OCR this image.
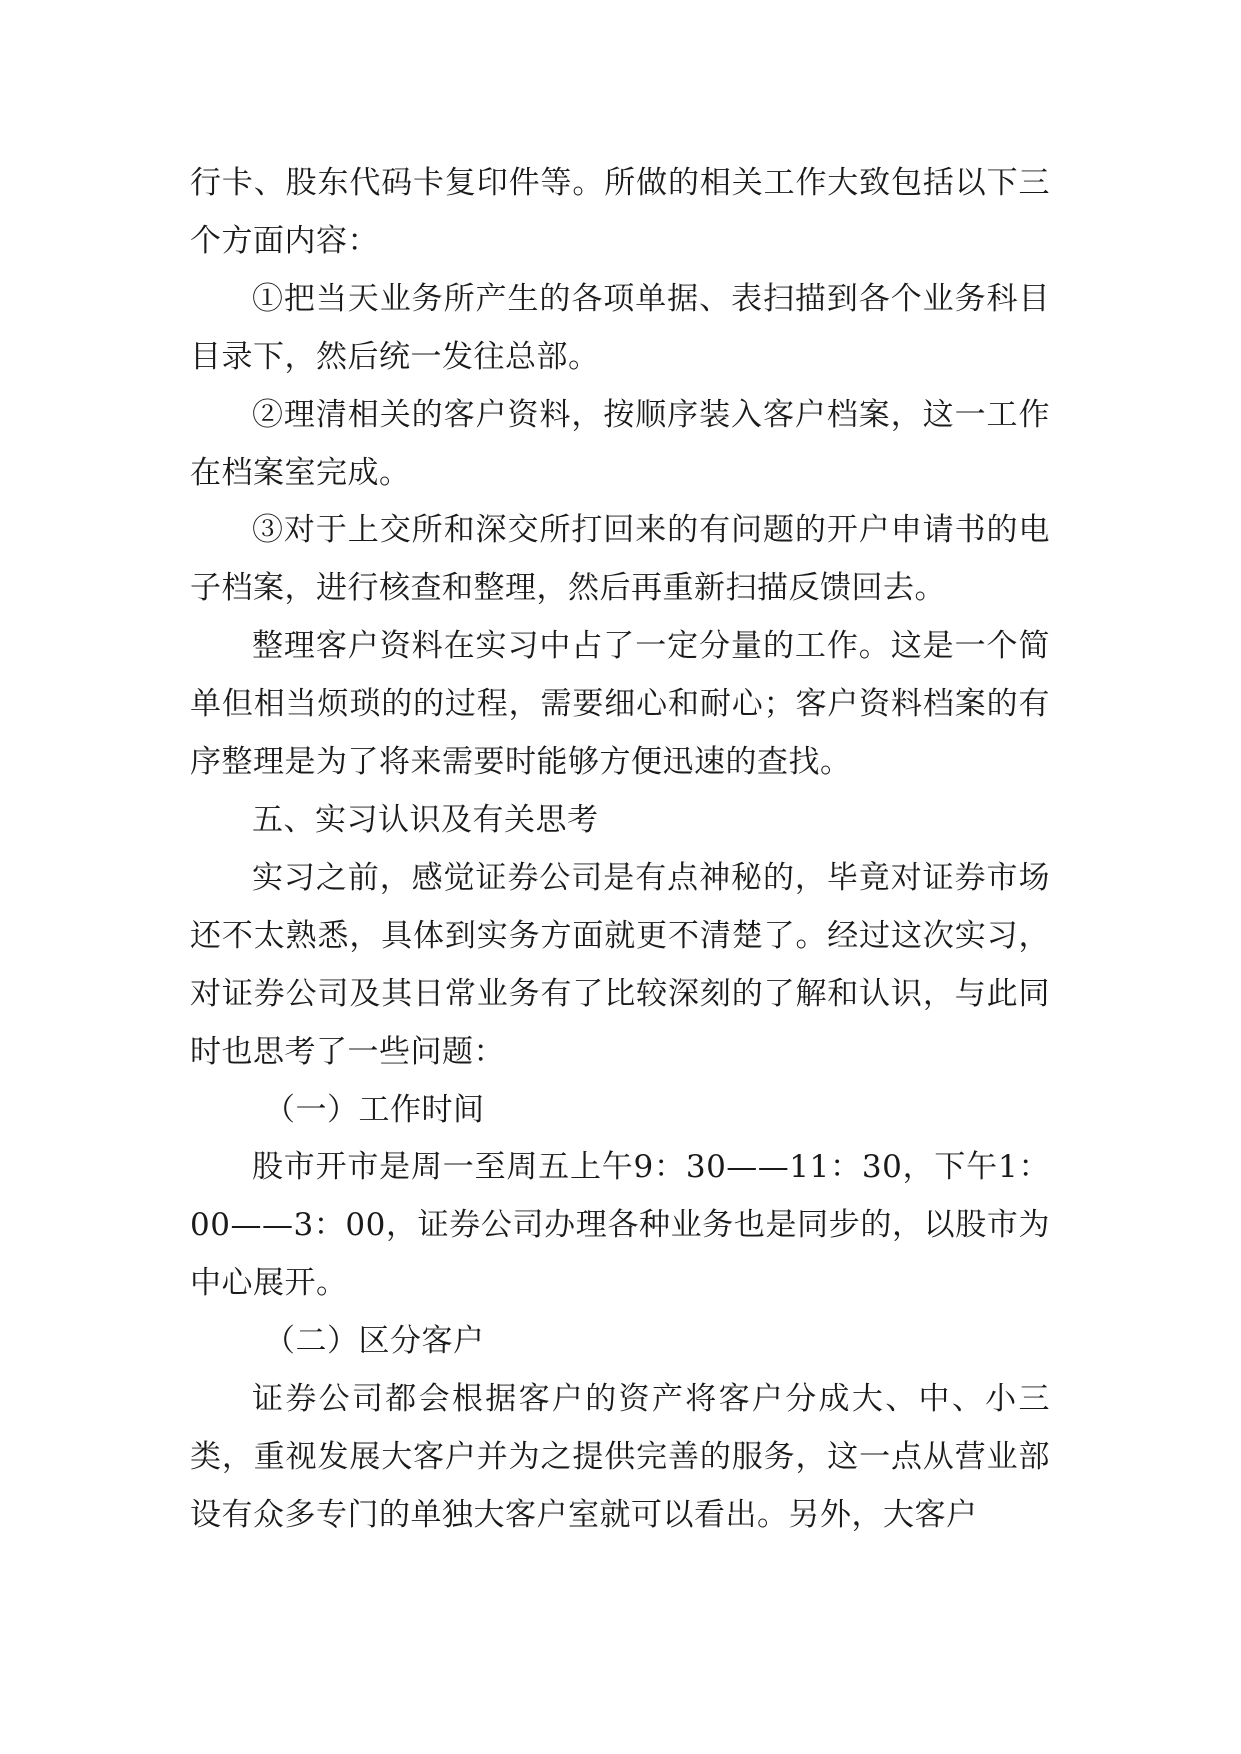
行卡、股东代码卡复印件等。所做的相关工作大致包括以下三个方面内容：

①把当天业务所产生的各项单据、表扫描到各个业务科目目录下，然后统一发往总部。

②理清相关的客户资料，按顺序装入客户档案，这一工作在档案室完成。

③对于上交所和深交所打回来的有问题的开户申请书的电子档案，进行核查和整理，然后再重新扫描反馈回去。

整理客户资料在实习中占了一定分量的工作。这是一个简单但相当烦琐的的过程，需要细心和耐心；客户资料档案的有序整理是为了将来需要时能够方便迅速的查找。

五、实习认识及有关思考

实习之前，感觉证券公司是有点神秘的，毕竟对证券市场还不太熟悉，具体到实务方面就更不清楚了。经过这次实习，对证券公司及其日常业务有了比较深刻的了解和认识，与此同时也思考了一些问题：

（一）工作时间

股市开市是周一至周五上午9：30——11：30，下午1：00——3：00，证券公司办理各种业务也是同步的，以股市为中心展开。

（二）区分客户

证券公司都会根据客户的资产将客户分成大、中、小三类，重视发展大客户并为之提供完善的服务，这一点从营业部设有众多专门的单独大客户室就可以看出。另外，大客户
